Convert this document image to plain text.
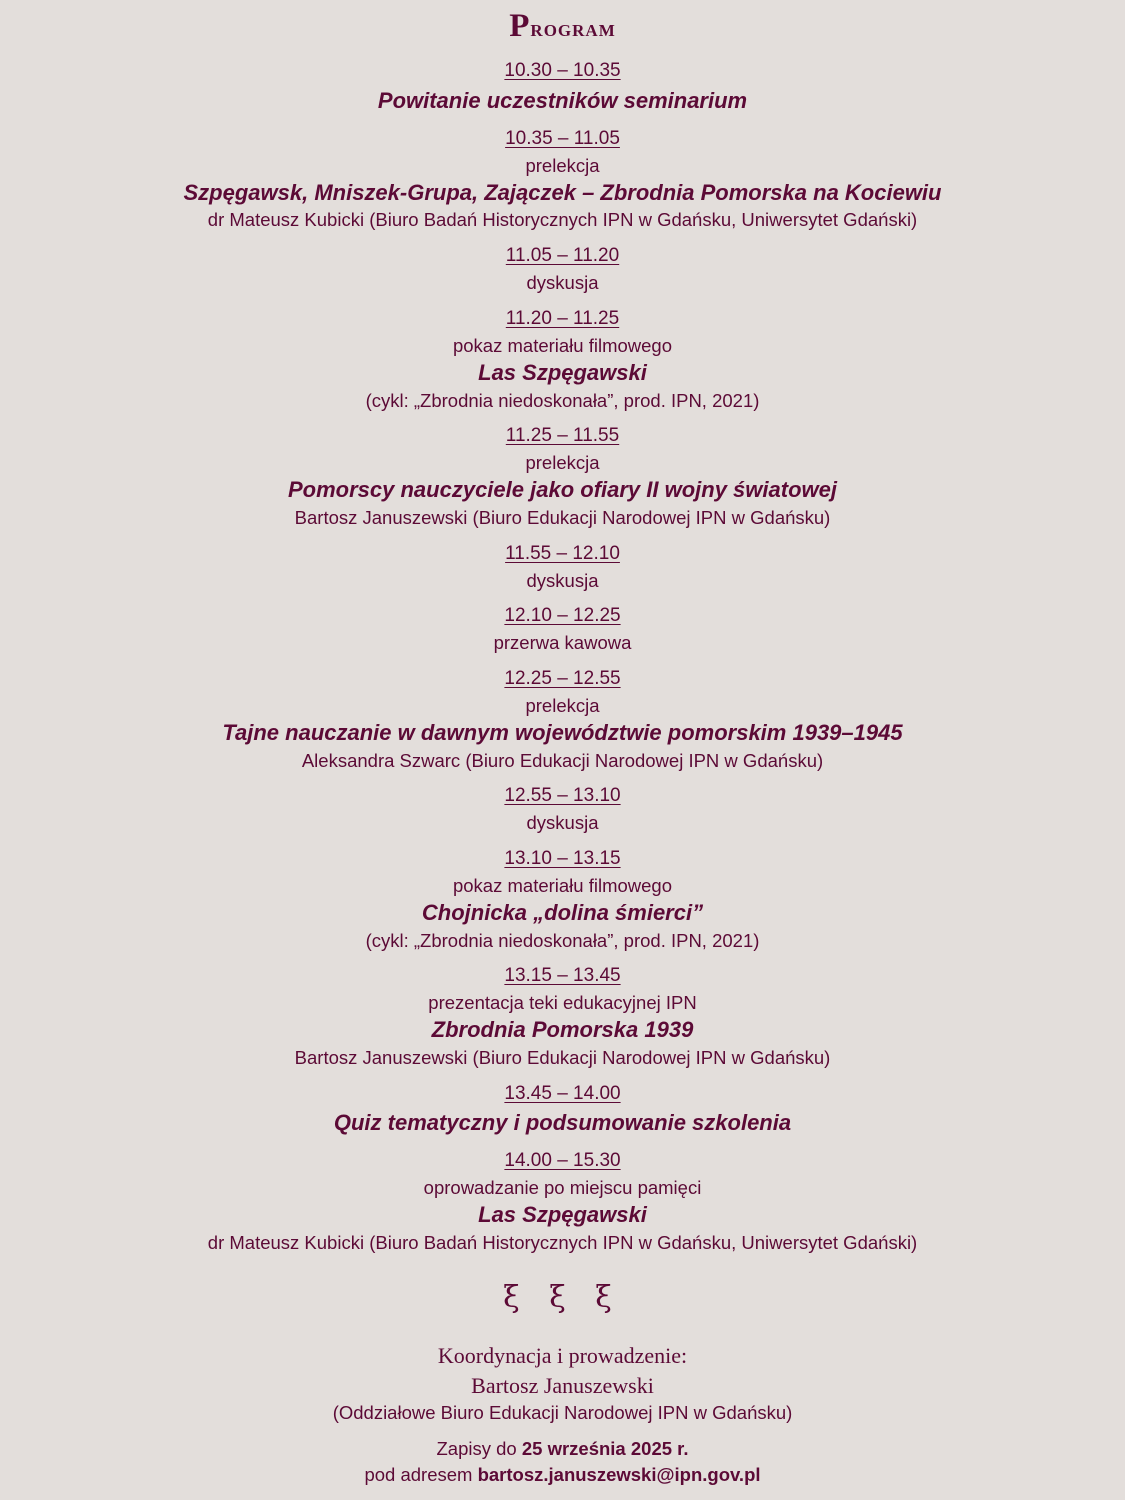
Program
10.30 – 10.35
Powitanie uczestników seminarium
10.35 – 11.05
prelekcja
Szpęgawsk, Mniszek-Grupa, Zajączek – Zbrodnia Pomorska na Kociewiu
dr Mateusz Kubicki (Biuro Badań Historycznych IPN w Gdańsku, Uniwersytet Gdański)
11.05 – 11.20
dyskusja
11.20 – 11.25
pokaz materiału filmowego
Las Szpęgawski
(cykl: „Zbrodnia niedoskonała”, prod. IPN, 2021)
11.25 – 11.55
prelekcja
Pomorscy nauczyciele jako ofiary II wojny światowej
Bartosz Januszewski (Biuro Edukacji Narodowej IPN w Gdańsku)
11.55 – 12.10
dyskusja
12.10 – 12.25
przerwa kawowa
12.25 – 12.55
prelekcja
Tajne nauczanie w dawnym województwie pomorskim 1939–1945
Aleksandra Szwarc (Biuro Edukacji Narodowej IPN w Gdańsku)
12.55 – 13.10
dyskusja
13.10 – 13.15
pokaz materiału filmowego
Chojnicka „dolina śmierci”
(cykl: „Zbrodnia niedoskonała”, prod. IPN, 2021)
13.15 – 13.45
prezentacja teki edukacyjnej IPN
Zbrodnia Pomorska 1939
Bartosz Januszewski (Biuro Edukacji Narodowej IPN w Gdańsku)
13.45 – 14.00
Quiz tematyczny i podsumowanie szkolenia
14.00 – 15.30
oprowadzanie po miejscu pamięci
Las Szpęgawski
dr Mateusz Kubicki (Biuro Badań Historycznych IPN w Gdańsku, Uniwersytet Gdański)
ξ ξ ξ
Koordynacja i prowadzenie:
Bartosz Januszewski
(Oddziałowe Biuro Edukacji Narodowej IPN w Gdańsku)
Zapisy do 25 września 2025 r.
pod adresem bartosz.januszewski@ipn.gov.pl
